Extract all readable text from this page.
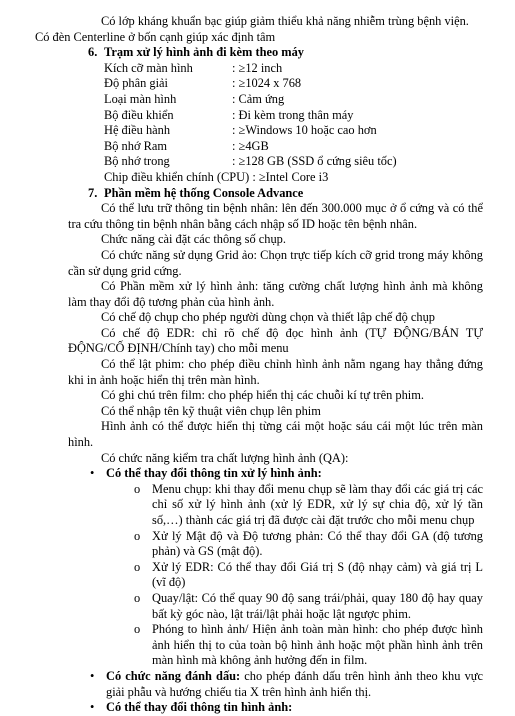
Có lớp kháng khuẩn bạc giúp giảm thiểu khả năng nhiễm trùng bệnh viện.

Có đèn Centerline ở bốn cạnh giúp xác định tâm

6. Trạm xử lý hình ảnh đi kèm theo máy

Kích cỡ màn hình	: ≥12 inch
Độ phân giải	: ≥1024 x 768
Loại màn hình	: Cảm ứng
Bộ điều khiển	: Đi kèm trong thân máy
Hệ điều hành	: ≥Windows 10 hoặc cao hơn
Bộ nhớ Ram	: ≥4GB
Bộ nhớ trong	: ≥128 GB (SSD ổ cứng siêu tốc)

Chip điều khiển chính (CPU) : ≥Intel Core i3

7. Phần mềm hệ thống Console Advance

Có thể lưu trữ thông tin bệnh nhân: lên đến 300.000 mục ở ổ cứng và có thể tra cứu thông tin bệnh nhân bằng cách nhập số ID hoặc tên bệnh nhân.

Chức năng cài đặt các thông số chụp.

Có chức năng sử dụng Grid ảo: Chọn trực tiếp kích cỡ grid trong máy không cần sử dụng grid cứng.

Có Phần mềm xử lý hình ảnh: tăng cường chất lượng hình ảnh mà không làm thay đổi độ tương phản của hình ảnh.

Có chế độ chụp cho phép người dùng chọn và thiết lập chế độ chụp

Có chế độ EDR: chỉ rõ chế độ đọc hình ảnh (TỰ ĐỘNG/BÁN TỰ ĐỘNG/CỐ ĐỊNH/Chính tay) cho mỗi menu

Có thể lật phim: cho phép điều chỉnh hình ảnh nằm ngang hay thẳng đứng khi in ảnh hoặc hiển thị trên màn hình.

Có ghi chú trên film: cho phép hiển thị các chuỗi kí tự trên phim.

Có thể nhập tên kỹ thuật viên chụp lên phim

Hình ảnh có thể được hiển thị từng cái một hoặc sáu cái một lúc trên màn hình.

Có chức năng kiểm tra chất lượng hình ảnh (QA):

• Có thể thay đổi thông tin xử lý hình ảnh:
o Menu chụp: khi thay đổi menu chụp sẽ làm thay đổi các giá trị các chỉ số xử lý hình ảnh (xử lý EDR, xử lý sự chia độ, xử lý tần số,…) thành các giá trị đã được cài đặt trước cho mỗi menu chụp
o Xử lý Mật độ và Độ tương phản: Có thể thay đổi GA (độ tương phản) và GS (mật độ).
o Xử lý EDR: Có thể thay đổi Giá trị S (độ nhạy cảm) và giá trị L (vĩ độ)
o Quay/lật: Có thể quay 90 độ sang trái/phải, quay 180 độ hay quay bất kỳ góc nào, lật trái/lật phải hoặc lật ngược phim.
o Phóng to hình ảnh/ Hiện ảnh toàn màn hình: cho phép được hình ảnh hiển thị to của toàn bộ hình ảnh hoặc một phần hình ảnh trên màn hình mà không ảnh hưởng đến in film.
• Có chức năng đánh dấu: cho phép đánh dấu trên hình ảnh theo khu vực giải phẫu và hướng chiếu tia X trên hình ảnh hiển thị.
• Có thể thay đổi thông tin hình ảnh:
